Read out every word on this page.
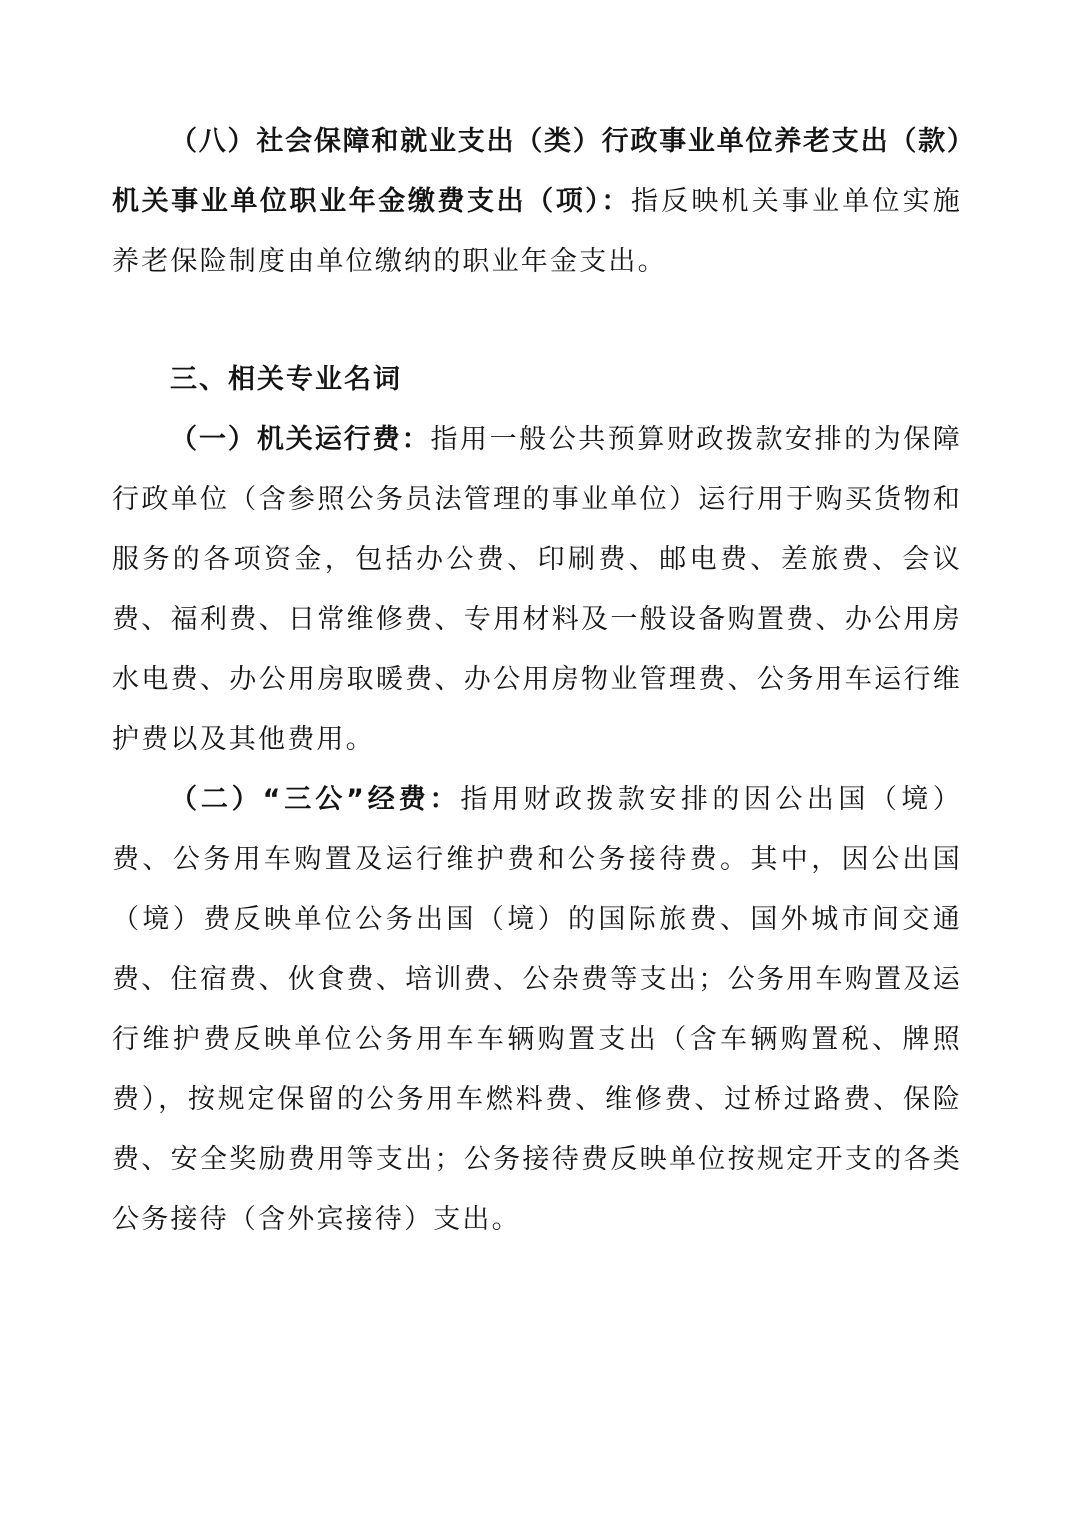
（八）社会保障和就业支出（类）行政事业单位养老支出（款）机关事业单位职业年金缴费支出（项）：指反映机关事业单位实施养老保险制度由单位缴纳的职业年金支出。

三、相关专业名词

（一）机关运行费：指用一般公共预算财政拨款安排的为保障行政单位（含参照公务员法管理的事业单位）运行用于购买货物和服务的各项资金，包括办公费、印刷费、邮电费、差旅费、会议费、福利费、日常维修费、专用材料及一般设备购置费、办公用房水电费、办公用房取暖费、办公用房物业管理费、公务用车运行维护费以及其他费用。

（二）“三公”经费：指用财政拨款安排的因公出国（境）费、公务用车购置及运行维护费和公务接待费。其中，因公出国（境）费反映单位公务出国（境）的国际旅费、国外城市间交通费、住宿费、伙食费、培训费、公杂费等支出；公务用车购置及运行维护费反映单位公务用车车辆购置支出（含车辆购置税、牌照费），按规定保留的公务用车燃料费、维修费、过桥过路费、保险费、安全奖励费用等支出；公务接待费反映单位按规定开支的各类公务接待（含外宾接待）支出。
